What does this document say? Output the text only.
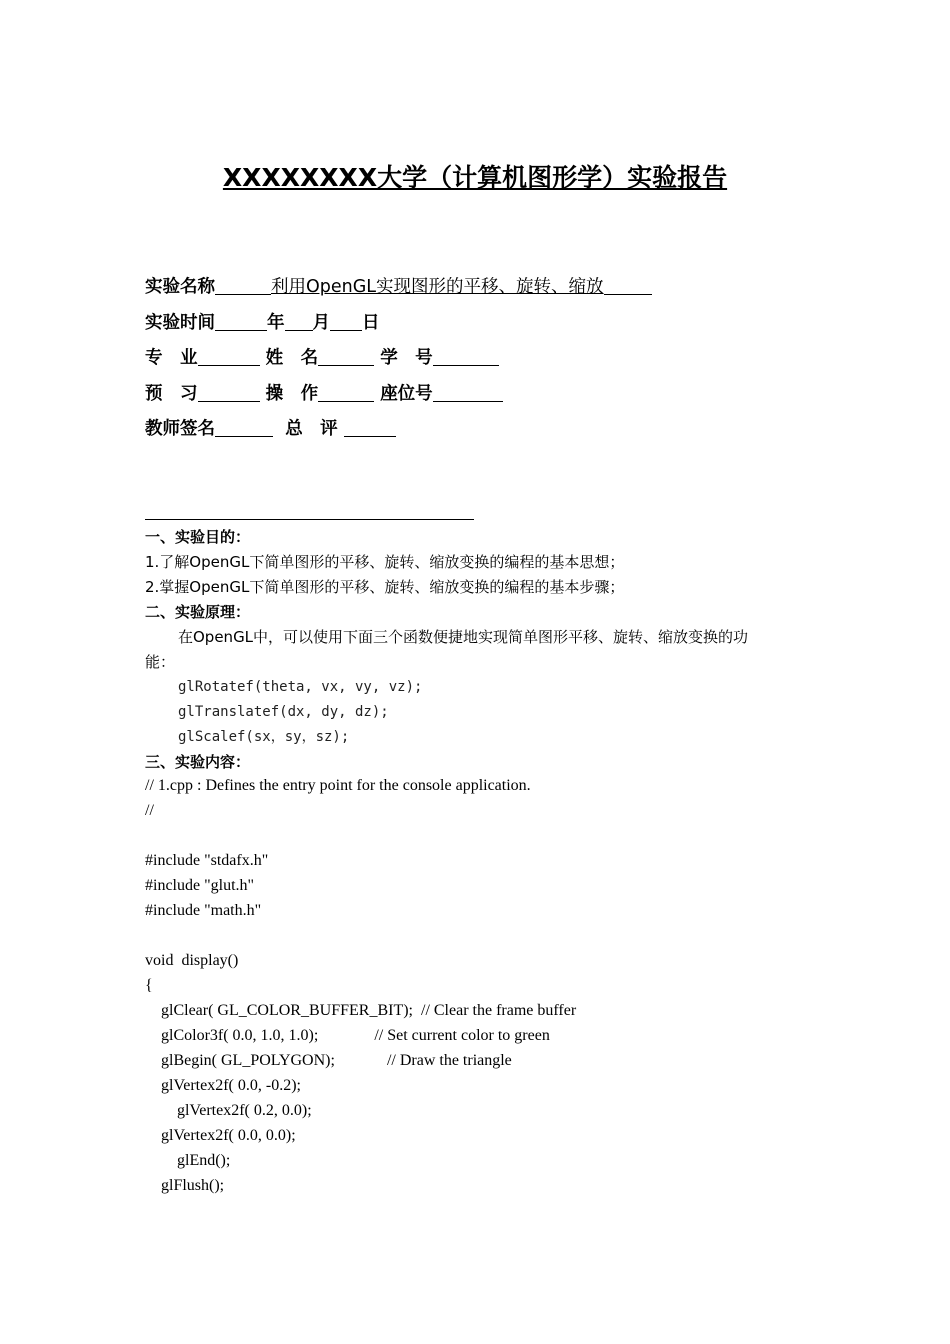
XXXXXXXX大学（计算机图形学）实验报告
实验名称	利用OpenGL实现图形的平移、旋转、缩放
实验时间	年 月 日
专　业	姓　名	学　号
预　习	操　作	座位号
教师签名	总　评
一、实验目的：
1.了解OpenGL下简单图形的平移、旋转、缩放变换的编程的基本思想；
2.掌握OpenGL下简单图形的平移、旋转、缩放变换的编程的基本步骤；
二、实验原理：
在OpenGL中，可以使用下面三个函数便捷地实现简单图形平移、旋转、缩放变换的功
能：
glRotatef(theta, vx, vy, vz);
glTranslatef(dx, dy, dz);
glScalef(sx，sy，sz);
三、实验内容：
// 1.cpp : Defines the entry point for the console application.
//
#include "stdafx.h"
#include "glut.h"
#include "math.h"
void  display()
{
glClear( GL_COLOR_BUFFER_BIT);  // Clear the frame buffer
glColor3f( 0.0, 1.0, 1.0);              // Set current color to green
glBegin( GL_POLYGON);             // Draw the triangle
glVertex2f( 0.0, -0.2);
glVertex2f( 0.2, 0.0);
glVertex2f( 0.0, 0.0);
glEnd();
glFlush();
